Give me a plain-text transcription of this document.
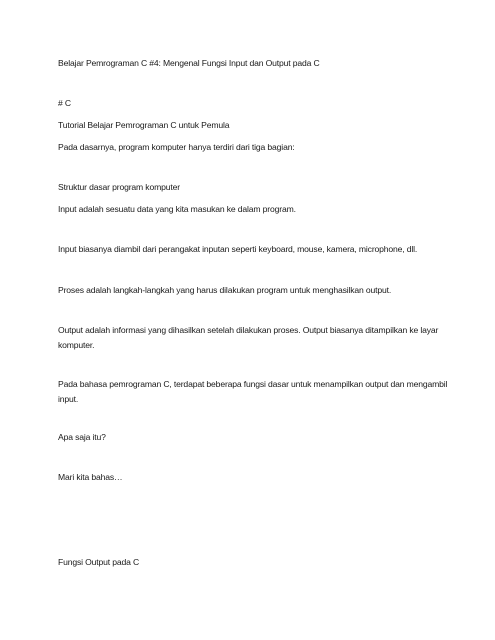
Belajar Pemrograman C #4: Mengenal Fungsi Input dan Output pada C
# C
Tutorial Belajar Pemrograman C untuk Pemula
Pada dasarnya, program komputer hanya terdiri dari tiga bagian:
Struktur dasar program komputer
Input adalah sesuatu data yang kita masukan ke dalam program.
Input biasanya diambil dari perangakat inputan seperti keyboard, mouse, kamera, microphone, dll.
Proses adalah langkah-langkah yang harus dilakukan program untuk menghasilkan output.
Output adalah informasi yang dihasilkan setelah dilakukan proses. Output biasanya ditampilkan ke layar komputer.
Pada bahasa pemrograman C, terdapat beberapa fungsi dasar untuk menampilkan output dan mengambil input.
Apa saja itu?
Mari kita bahas…
Fungsi Output pada C
